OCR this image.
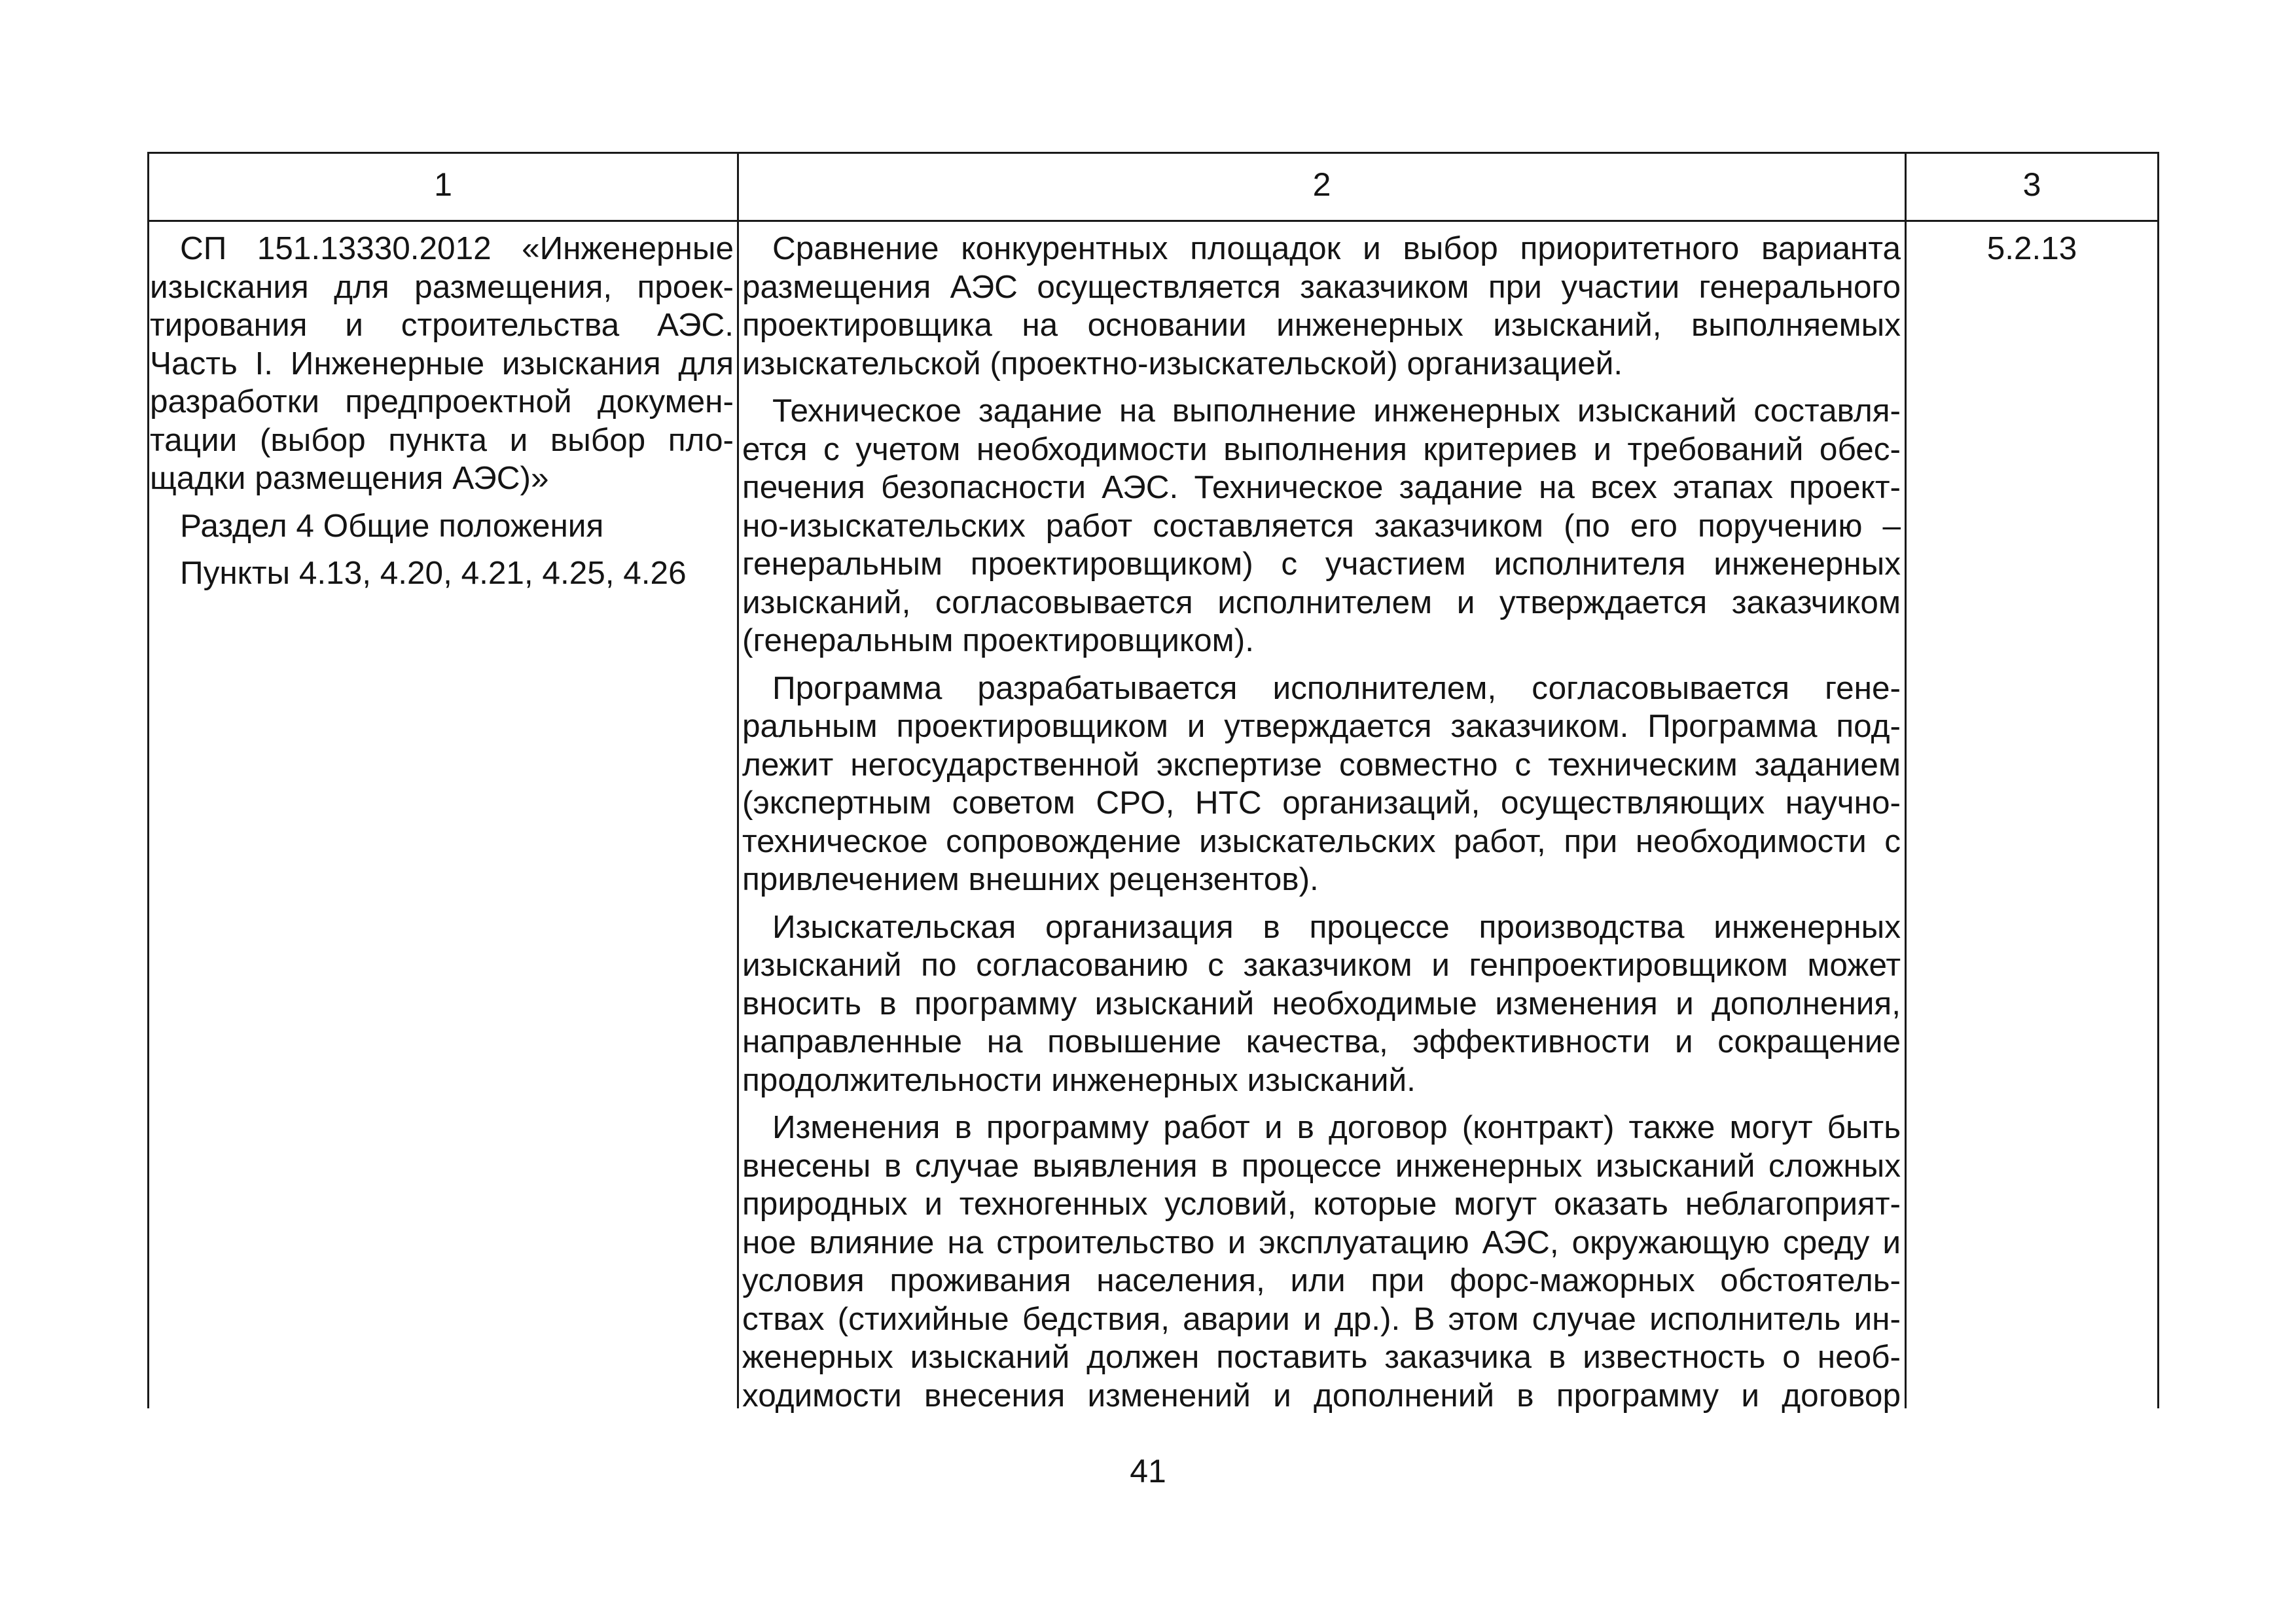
1	2	3

СП 151.13330.2012 «Инженерные

изыскания для размещения, проек-

тирования и строительства АЭС.

Часть I. Инженерные изыскания для

разработки предпроектной докумен-

тации (выбор пункта и выбор пло-

щадки размещения АЭС)»

Раздел 4 Общие положения

Пункты 4.13, 4.20, 4.21, 4.25, 4.26

Сравнение конкурентных площадок и выбор приоритетного варианта

размещения АЭС осуществляется заказчиком при участии генерального

проектировщика на основании инженерных изысканий, выполняемых

изыскательской (проектно-изыскательской) организацией.

Техническое задание на выполнение инженерных изысканий составля-

ется с учетом необходимости выполнения критериев и требований обес-

печения безопасности АЭС. Техническое задание на всех этапах проект-

но-изыскательских работ составляется заказчиком (по его поручению –

генеральным проектировщиком) с участием исполнителя инженерных

изысканий, согласовывается исполнителем и утверждается заказчиком

(генеральным проектировщиком).

Программа разрабатывается исполнителем, согласовывается гене-

ральным проектировщиком и утверждается заказчиком. Программа под-

лежит негосударственной экспертизе совместно с техническим заданием

(экспертным советом СРО, НТС организаций, осуществляющих научно-

техническое сопровождение изыскательских работ, при необходимости с

привлечением внешних рецензентов).

Изыскательская организация в процессе производства инженерных

изысканий по согласованию с заказчиком и генпроектировщиком может

вносить в программу изысканий необходимые изменения и дополнения,

направленные на повышение качества, эффективности и сокращение

продолжительности инженерных изысканий.

Изменения в программу работ и в договор (контракт) также могут быть

внесены в случае выявления в процессе инженерных изысканий сложных

природных и техногенных условий, которые могут оказать неблагоприят-

ное влияние на строительство и эксплуатацию АЭС, окружающую среду и

условия проживания населения, или при форс-мажорных обстоятель-

ствах (стихийные бедствия, аварии и др.). В этом случае исполнитель ин-

женерных изысканий должен поставить заказчика в известность о необ-

ходимости внесения изменений и дополнений в программу и договор

5.2.13
41
